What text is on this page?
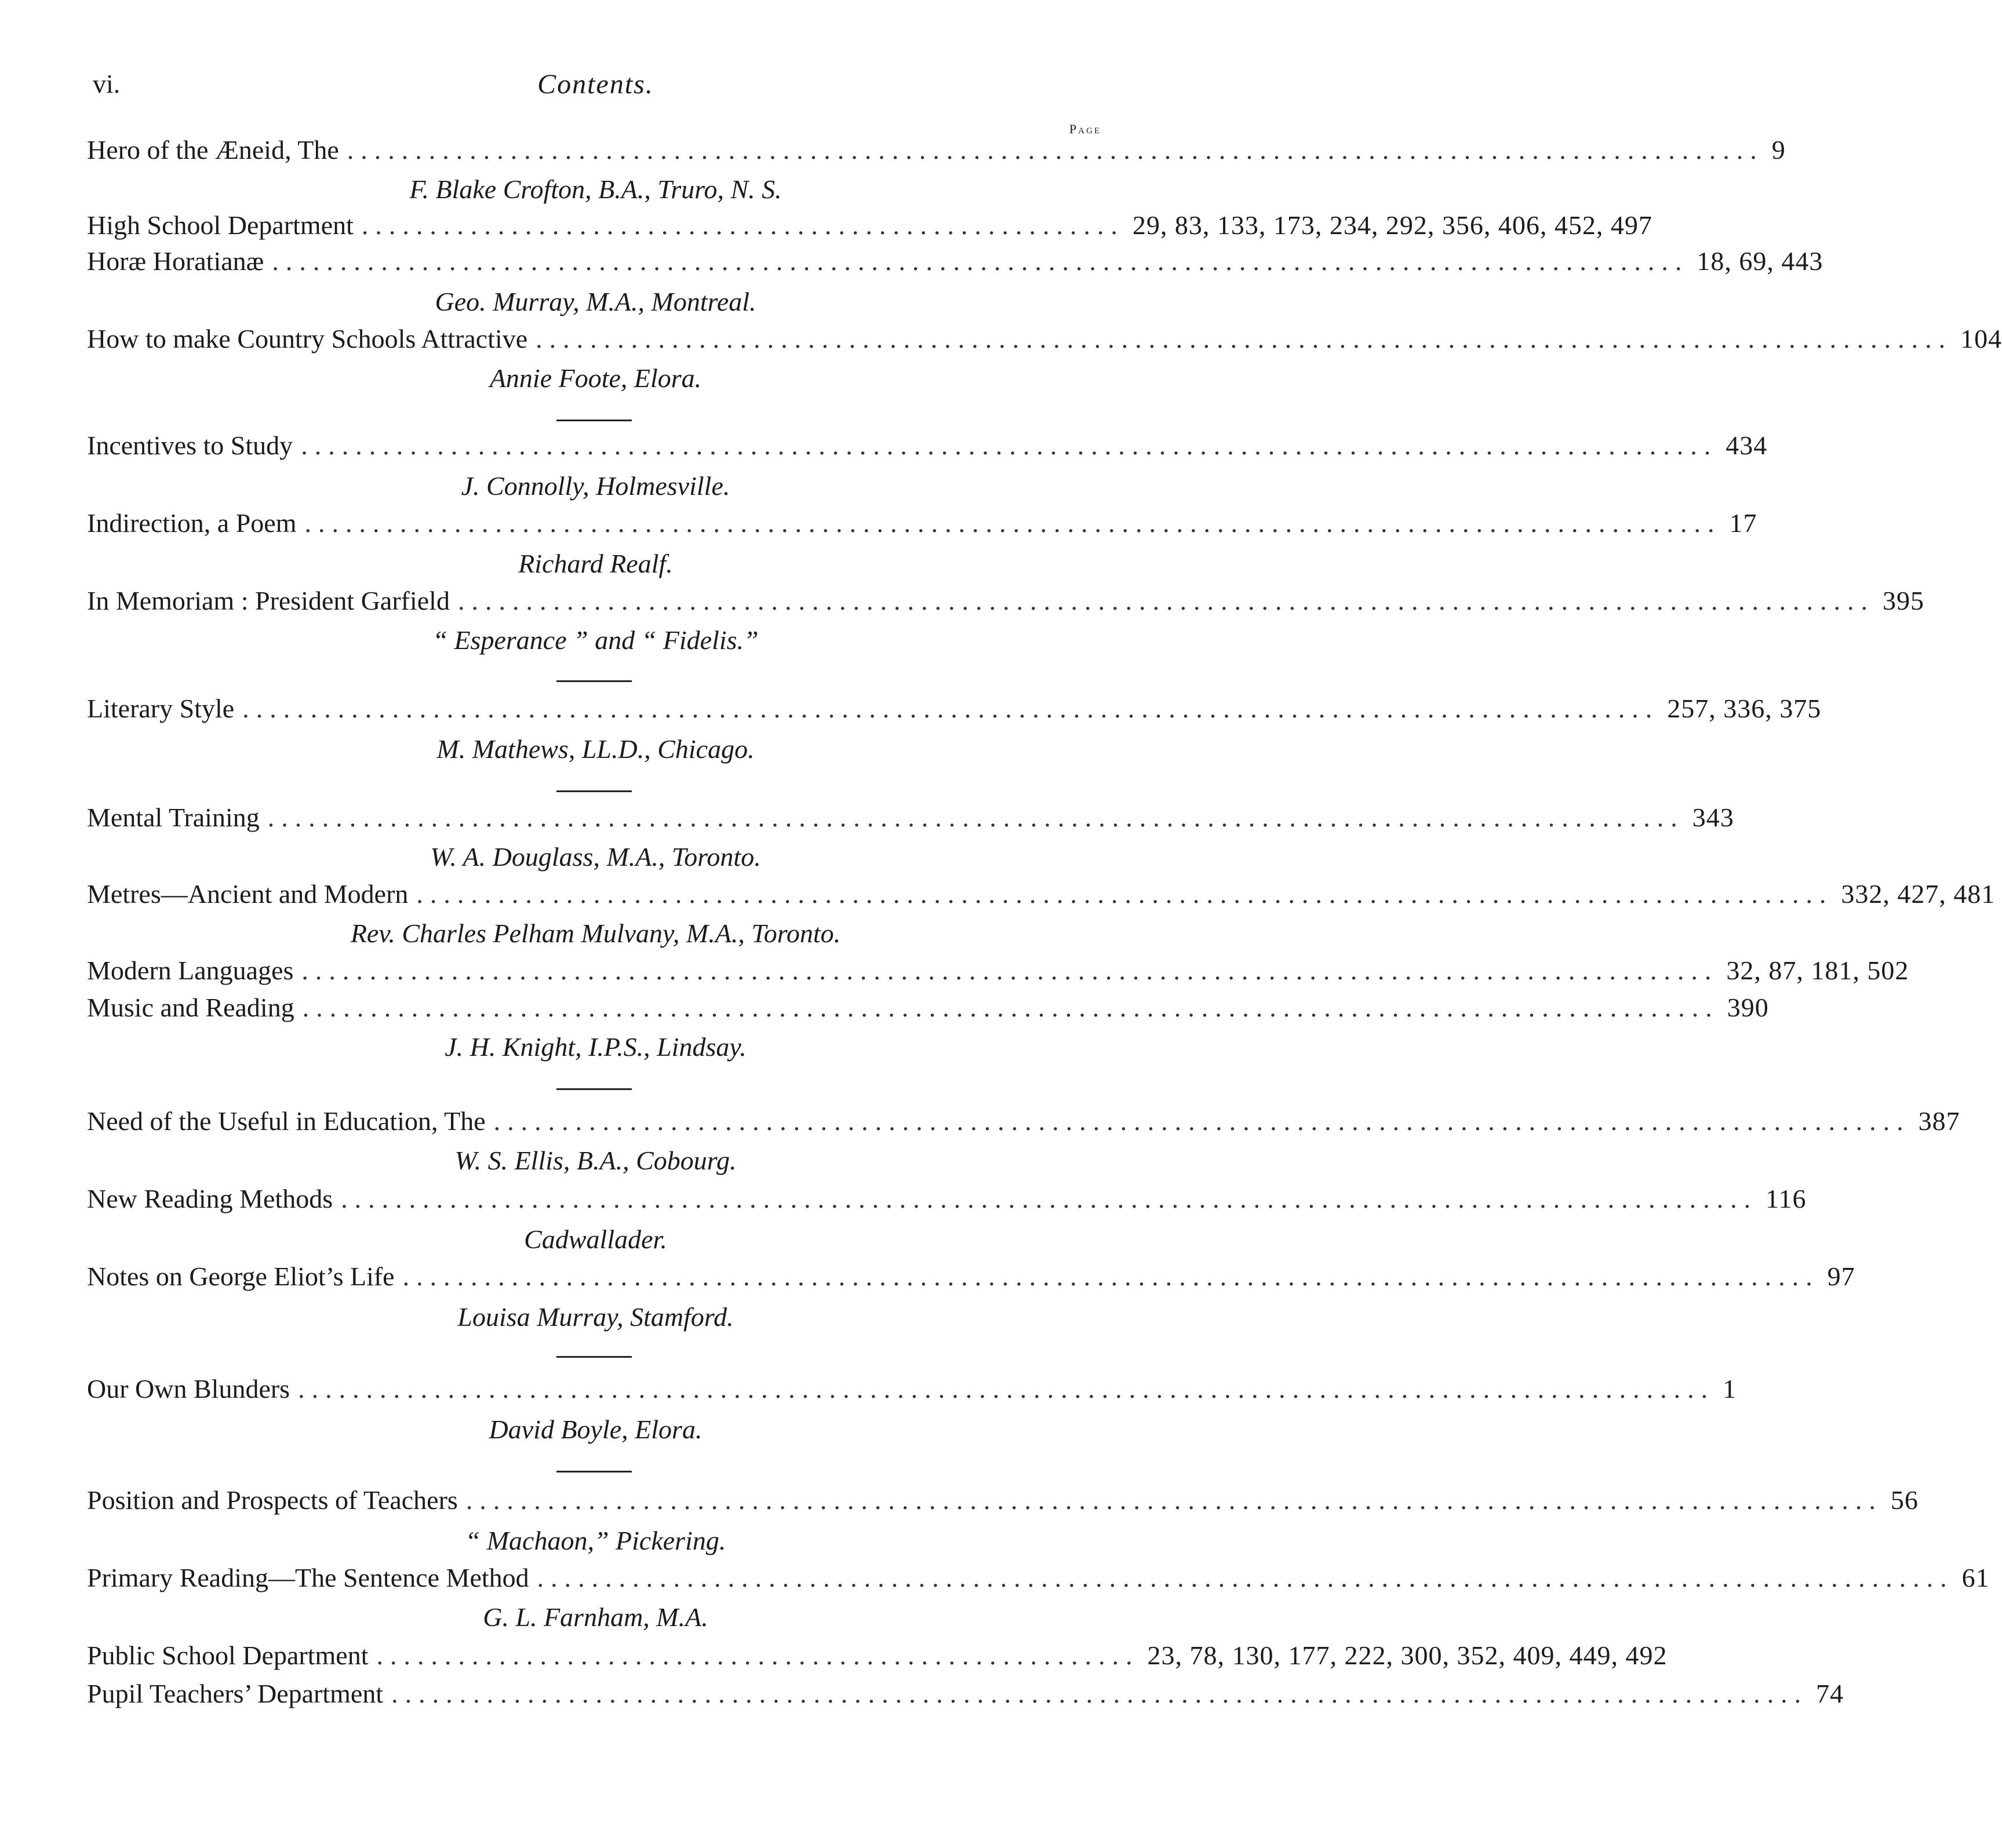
vi.	Contents.
Page
Hero of the Æneid, The ........................................................................................................ 9
F. Blake Crofton, B.A., Truro, N. S.
High School Department ........................................................ 29, 83, 133, 173, 234, 292, 356, 406, 452, 497
Horæ Horatianæ ........................................................................................................ 18, 69, 443
Geo. Murray, M.A., Montreal.
How to make Country Schools Attractive ........................................................................................................ 104
Annie Foote, Elora.
Incentives to Study ........................................................................................................ 434
J. Connolly, Holmesville.
Indirection, a Poem ........................................................................................................ 17
Richard Realf.
In Memoriam : President Garfield ........................................................................................................ 395
“ Esperance ” and “ Fidelis.”
Literary Style ........................................................................................................ 257, 336, 375
M. Mathews, LL.D., Chicago.
Mental Training ........................................................................................................ 343
W. A. Douglass, M.A., Toronto.
Metres—Ancient and Modern ........................................................................................................ 332, 427, 481
Rev. Charles Pelham Mulvany, M.A., Toronto.
Modern Languages ........................................................................................................ 32, 87, 181, 502
Music and Reading ........................................................................................................ 390
J. H. Knight, I.P.S., Lindsay.
Need of the Useful in Education, The ........................................................................................................ 387
W. S. Ellis, B.A., Cobourg.
New Reading Methods ........................................................................................................ 116
Cadwallader.
Notes on George Eliot’s Life ........................................................................................................ 97
Louisa Murray, Stamford.
Our Own Blunders ........................................................................................................ 1
David Boyle, Elora.
Position and Prospects of Teachers ........................................................................................................ 56
“ Machaon,” Pickering.
Primary Reading—The Sentence Method ........................................................................................................ 61
G. L. Farnham, M.A.
Public School Department ........................................................ 23, 78, 130, 177, 222, 300, 352, 409, 449, 492
Pupil Teachers’ Department ........................................................................................................ 74
